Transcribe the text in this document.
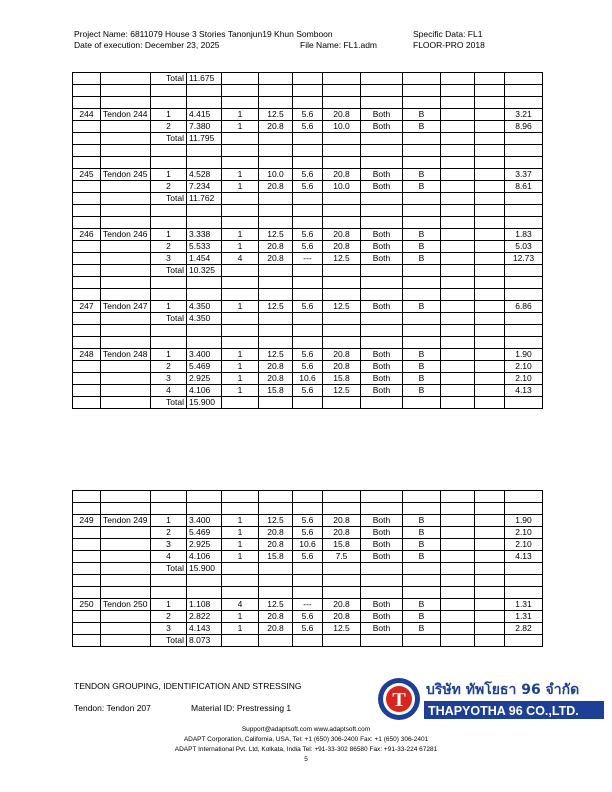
Project Name: 6811079 House 3 Stories Tanonjun19 Khun Somboon	Specific Data: FL1
Date of execution: December 23, 2025	File Name: FL1.adm	FLOOR-PRO 2018
		Total	11.675									

244	Tendon 244	1	4.415	1	12.5	5.6	20.8	Both	B			3.21
		2	7.380	1	20.8	5.6	10.0	Both	B			8.96
		Total	11.795									

245	Tendon 245	1	4.528	1	10.0	5.6	20.8	Both	B			3.37
		2	7.234	1	20.8	5.6	10.0	Both	B			8.61
		Total	11.762									

246	Tendon 246	1	3.338	1	12.5	5.6	20.8	Both	B			1.83
		2	5.533	1	20.8	5.6	20.8	Both	B			5.03
		3	1.454	4	20.8	---	12.5	Both	B			12.73
		Total	10.325									

247	Tendon 247	1	4.350	1	12.5	5.6	12.5	Both	B			6.86
		Total	4.350									

248	Tendon 248	1	3.400	1	12.5	5.6	20.8	Both	B			1.90
		2	5.469	1	20.8	5.6	20.8	Both	B			2.10
		3	2.925	1	20.8	10.6	15.8	Both	B			2.10
		4	4.106	1	15.8	5.6	12.5	Both	B			4.13
		Total	15.900									

249	Tendon 249	1	3.400	1	12.5	5.6	20.8	Both	B			1.90
		2	5.469	1	20.8	5.6	20.8	Both	B			2.10
		3	2.925	1	20.8	10.6	15.8	Both	B			2.10
		4	4.106	1	15.8	5.6	7.5	Both	B			4.13
		Total	15.900									

250	Tendon 250	1	1.108	4	12.5	---	20.8	Both	B			1.31
		2	2.822	1	20.8	5.6	20.8	Both	B			1.31
		3	4.143	1	20.8	5.6	12.5	Both	B			2.82
		Total	8.073									
TENDON GROUPING, IDENTIFICATION AND STRESSING
Tendon: Tendon 207	Material ID: Prestressing 1	T บริษัท ทัพโยธา 96 จำกัด
THAPYOTHA 96 CO.,LTD.
Support@adaptsoft.com www.adaptsoft.com
ADAPT Corporation, California, USA, Tel: +1 (650) 306-2400 Fax: +1 (650) 306-2401
ADAPT International Pvt. Ltd, Kolkata, India Tel: +91-33-302 86580 Fax: +91-33-224 67281
5
